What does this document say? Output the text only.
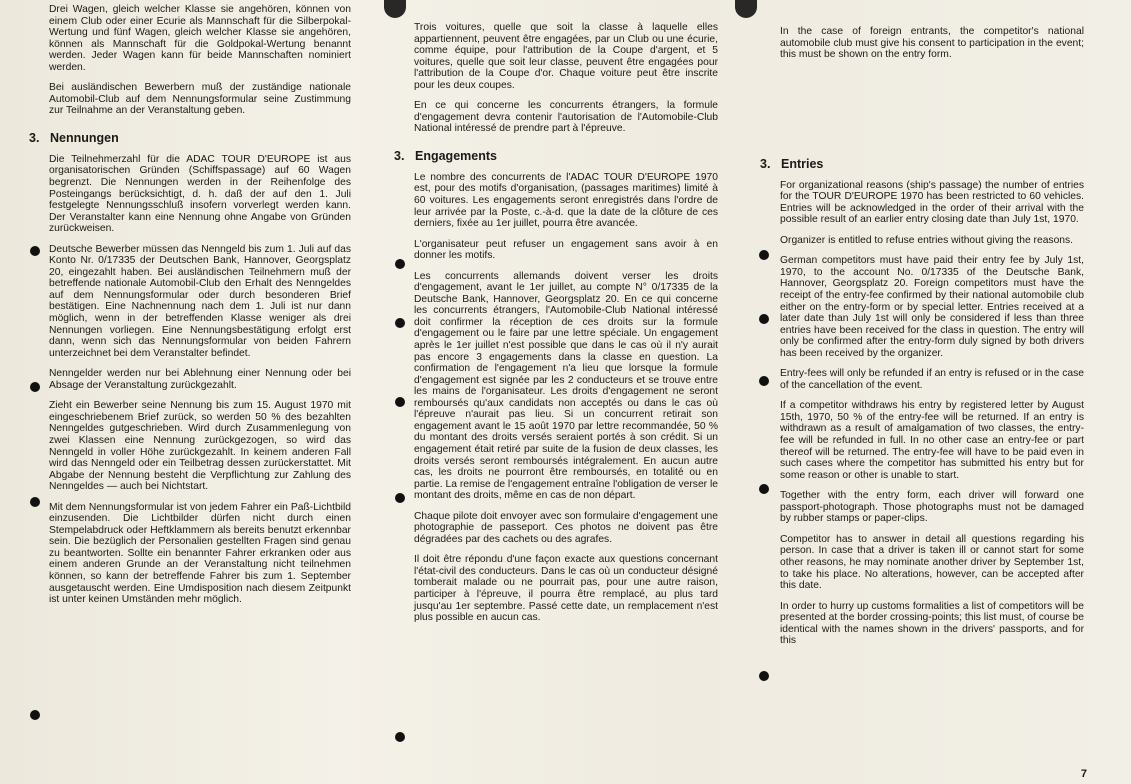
Drei Wagen, gleich welcher Klasse sie angehören, können von einem Club oder einer Ecurie als Mannschaft für die Silberpokal-Wertung und fünf Wagen, gleich welcher Klasse sie angehören, können als Mannschaft für die Goldpokal-Wertung benannt werden. Jeder Wagen kann für beide Mannschaften nominiert werden.

Bei ausländischen Bewerbern muß der zuständige nationale Automobil-Club auf dem Nennungsformular seine Zustimmung zur Teilnahme an der Veranstaltung geben.

3. Nennungen

Die Teilnehmerzahl für die ADAC TOUR D'EUROPE ist aus organisatorischen Gründen (Schiffspassage) auf 60 Wagen begrenzt. Die Nennungen werden in der Reihenfolge des Posteingangs berücksichtigt, d. h. daß der auf den 1. Juli festgelegte Nennungsschluß insofern vorverlegt werden kann. Der Veranstalter kann eine Nennung ohne Angabe von Gründen zurückweisen.

Deutsche Bewerber müssen das Nenngeld bis zum 1. Juli auf das Konto Nr. 0/17335 der Deutschen Bank, Hannover, Georgsplatz 20, eingezahlt haben. Bei ausländischen Teilnehmern muß der betreffende nationale Automobil-Club den Erhalt des Nenngeldes auf dem Nennungsformular oder durch besonderen Brief bestätigen. Eine Nachnennung nach dem 1. Juli ist nur dann möglich, wenn in der betreffenden Klasse weniger als drei Nennungen vorliegen. Eine Nennungsbestätigung erfolgt erst dann, wenn sich das Nennungsformular von beiden Fahrern unterzeichnet bei dem Veranstalter befindet.

Nenngelder werden nur bei Ablehnung einer Nennung oder bei Absage der Veranstaltung zurückgezahlt.

Zieht ein Bewerber seine Nennung bis zum 15. August 1970 mit eingeschriebenem Brief zurück, so werden 50 % des bezahlten Nenngeldes gutgeschrieben. Wird durch Zusammenlegung von zwei Klassen eine Nennung zurückgezogen, so wird das Nenngeld in voller Höhe zurückgezahlt. In keinem anderen Fall wird das Nenngeld oder ein Teilbetrag dessen zurückerstattet. Mit Abgabe der Nennung besteht die Verpflichtung zur Zahlung des Nenngeldes — auch bei Nichtstart.

Mit dem Nennungsformular ist von jedem Fahrer ein Paß-Lichtbild einzusenden. Die Lichtbilder dürfen nicht durch einen Stempelabdruck oder Heftklammern als bereits benutzt erkennbar sein. Die bezüglich der Personalien gestellten Fragen sind genau zu beantworten. Sollte ein benannter Fahrer erkranken oder aus einem anderen Grunde an der Veranstaltung nicht teilnehmen können, so kann der betreffende Fahrer bis zum 1. September ausgetauscht werden. Eine Umdisposition nach diesem Zeitpunkt ist unter keinen Umständen mehr möglich.

Trois voitures, quelle que soit la classe à laquelle elles appartiennent, peuvent être engagées, par un Club ou une écurie, comme équipe, pour l'attribution de la Coupe d'argent, et 5 voitures, quelle que soit leur classe, peuvent être engagées pour l'attribution de la Coupe d'or. Chaque voiture peut être inscrite pour les deux coupes.

En ce qui concerne les concurrents étrangers, la formule d'engagement devra contenir l'autorisation de l'Automobile-Club National intéressé de prendre part à l'épreuve.

3. Engagements

Le nombre des concurrents de l'ADAC TOUR D'EUROPE 1970 est, pour des motifs d'organisation, (passages maritimes) limité à 60 voitures. Les engagements seront enregistrés dans l'ordre de leur arrivée par la Poste, c.-à-d. que la date de la clôture de ces derniers, fixée au 1er juillet, pourra être avancée.

L'organisateur peut refuser un engagement sans avoir à en donner les motifs.

Les concurrents allemands doivent verser les droits d'engagement, avant le 1er juillet, au compte N° 0/17335 de la Deutsche Bank, Hannover, Georgsplatz 20. En ce qui concerne les concurrents étrangers, l'Automobile-Club National intéressé doit confirmer la réception de ces droits sur la formule d'engagement ou le faire par une lettre spéciale. Un engagement après le 1er juillet n'est possible que dans le cas où il n'y aurait pas encore 3 engagements dans la classe en question. La confirmation de l'engagement n'a lieu que lorsque la formule d'engagement est signée par les 2 conducteurs et se trouve entre les mains de l'organisateur. Les droits d'engagement ne seront remboursés qu'aux candidats non acceptés ou dans le cas où l'épreuve n'aurait pas lieu. Si un concurrent retirait son engagement avant le 15 août 1970 par lettre recommandée, 50 % du montant des droits versés seraient portés à son crédit. Si un engagement était retiré par suite de la fusion de deux classes, les droits versés seront remboursés intégralement. En aucun autre cas, les droits ne pourront être remboursés, en totalité ou en partie. La remise de l'engagement entraîne l'obligation de verser le montant des droits, même en cas de non départ.

Chaque pilote doit envoyer avec son formulaire d'engagement une photographie de passeport. Ces photos ne doivent pas être dégradées par des cachets ou des agrafes.

Il doit être répondu d'une façon exacte aux questions concernant l'état-civil des conducteurs. Dans le cas où un conducteur désigné tomberait malade ou ne pourrait pas, pour une autre raison, participer à l'épreuve, il pourra être remplacé, au plus tard jusqu'au 1er septembre. Passé cette date, un remplacement n'est plus possible en aucun cas.

In the case of foreign entrants, the competitor's national automobile club must give his consent to participation in the event; this must be shown on the entry form.

3. Entries

For organizational reasons (ship's passage) the number of entries for the TOUR D'EUROPE 1970 has been restricted to 60 vehicles. Entries will be acknowledged in the order of their arrival with the possible result of an earlier entry closing date than July 1st, 1970.

Organizer is entitled to refuse entries without giving the reasons.

German competitors must have paid their entry fee by July 1st, 1970, to the account No. 0/17335 of the Deutsche Bank, Hannover, Georgsplatz 20. Foreign competitors must have the receipt of the entry-fee confirmed by their national automobile club either on the entry-form or by special letter. Entries received at a later date than July 1st will only be considered if less than three entries have been received for the class in question. The entry will only be confirmed after the entry-form duly signed by both drivers has been received by the organizer.

Entry-fees will only be refunded if an entry is refused or in the case of the cancellation of the event.

If a competitor withdraws his entry by registered letter by August 15th, 1970, 50 % of the entry-fee will be returned. If an entry is withdrawn as a result of amalgamation of two classes, the entry-fee will be refunded in full. In no other case an entry-fee or part thereof will be returned. The entry-fee will have to be paid even in such cases where the competitor has submitted his entry but for some reason or other is unable to start.

Together with the entry form, each driver will forward one passport-photograph. Those photographs must not be damaged by rubber stamps or paper-clips.

Competitor has to answer in detail all questions regarding his person. In case that a driver is taken ill or cannot start for some other reasons, he may nominate another driver by September 1st, to take his place. No alterations, however, can be accepted after this date.

In order to hurry up customs formalities a list of competitors will be presented at the border crossing-points; this list must, of course be identical with the names shown in the drivers' passports, and for this

7
